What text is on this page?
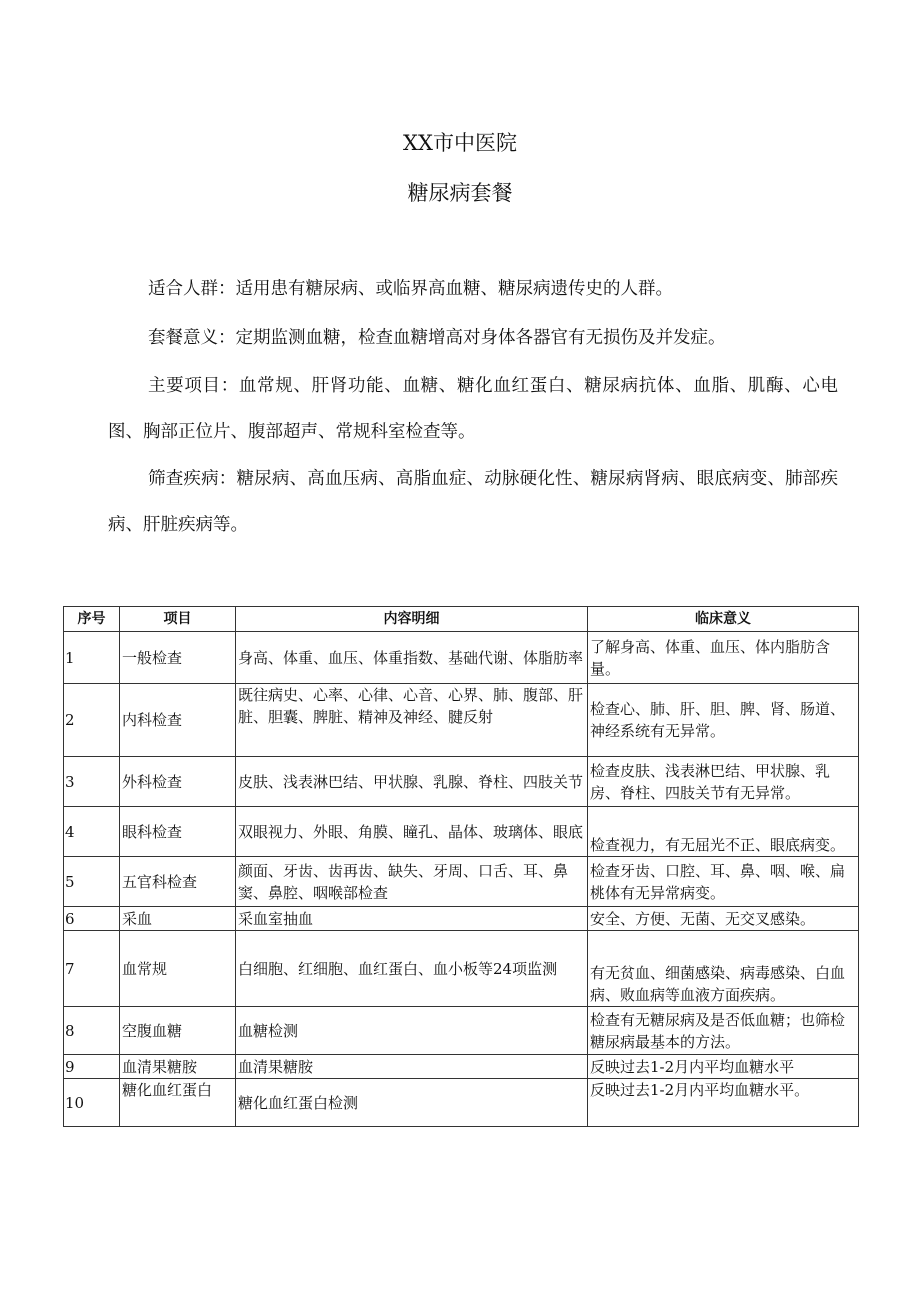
XX市中医院
糖尿病套餐

适合人群：适用患有糖尿病、或临界高血糖、糖尿病遗传史的人群。

套餐意义：定期监测血糖，检查血糖增高对身体各器官有无损伤及并发症。

主要项目：血常规、肝肾功能、血糖、糖化血红蛋白、糖尿病抗体、血脂、肌酶、心电图、胸部正位片、腹部超声、常规科室检查等。

筛查疾病：糖尿病、高血压病、高脂血症、动脉硬化性、糖尿病肾病、眼底病变、肺部疾病、肝脏疾病等。

序号	项目	内容明细	临床意义
1	一般检查	身高、体重、血压、体重指数、基础代谢、体脂肪率	了解身高、体重、血压、体内脂肪含量。
2	内科检查	既往病史、心率、心律、心音、心界、肺、腹部、肝脏、胆囊、脾脏、精神及神经、腱反射	检查心、肺、肝、胆、脾、肾、肠道、神经系统有无异常。
3	外科检查	皮肤、浅表淋巴结、甲状腺、乳腺、脊柱、四肢关节	检查皮肤、浅表淋巴结、甲状腺、乳房、脊柱、四肢关节有无异常。
4	眼科检查	双眼视力、外眼、角膜、瞳孔、晶体、玻璃体、眼底	检查视力，有无屈光不正、眼底病变。
5	五官科检查	颜面、牙齿、齿再齿、缺失、牙周、口舌、耳、鼻窦、鼻腔、咽喉部检查	检查牙齿、口腔、耳、鼻、咽、喉、扁桃体有无异常病变。
6	采血	采血室抽血	安全、方便、无菌、无交叉感染。
7	血常规	白细胞、红细胞、血红蛋白、血小板等24项监测	有无贫血、细菌感染、病毒感染、白血病、败血病等血液方面疾病。
8	空腹血糖	血糖检测	检查有无糖尿病及是否低血糖；也筛检糖尿病最基本的方法。
9	血清果糖胺	血清果糖胺	反映过去1-2月内平均血糖水平
10	糖化血红蛋白	糖化血红蛋白检测	反映过去1-2月内平均血糖水平。
